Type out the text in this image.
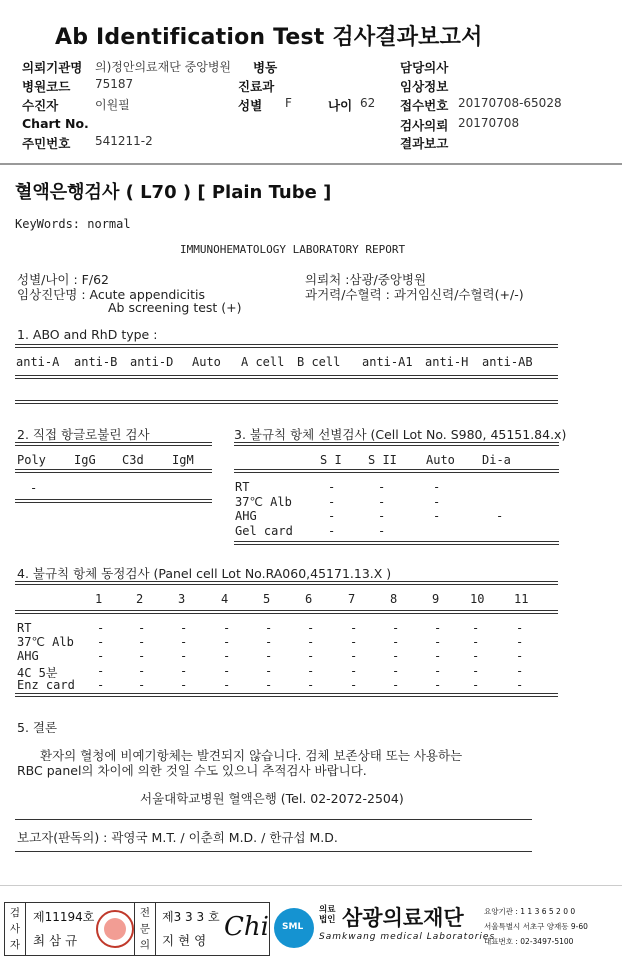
Ab Identification Test 검사결과보고서
의뢰기관명 의)정안의료재단 중앙병원 병동	담당의사
병원코드 75187	진료과	임상정보
수진자	이원필	성별 F	나이 62 접수번호 20170708-65028
Chart No.	검사의뢰 20170708
주민번호 541211-2	결과보고
혈액은행검사 ( L70 ) [ Plain Tube ]
KeyWords: normal
IMMUNOHEMATOLOGY LABORATORY REPORT
성별/나이 : F/62
임상진단명 : Acute appendicitis
Ab screening test (+)
의뢰처 :삼광/중앙병원
과거력/수혈력 : 과거임신력/수혈력(+/-)
1. ABO and RhD type :
2. 직접 항글로불린 검사
-
3. 불규칙 항체 선별검사 (Cell Lot No. S980, 45151.84.x)
4. 불규칙 항체 동정검사 (Panel cell Lot No.RA060,45171.13.X )
5. 결론
환자의 혈청에 비예기항체는 발견되지 않습니다. 검체 보존상태 또는 사용하는
RBC panel의 차이에 의한 것일 수도 있으니 추적검사 바랍니다.
서울대학교병원 혈액은행 (Tel. 02-2072-2504)
보고자(판독의) : 곽영국 M.T. / 이춘희 M.D. / 한규섭 M.D.
검
사
자
제11194호
최 삼 규
전
문
의
제3 3 3 호
지 현 영 Chi SML
의료
법인 삼광의료재단
Samkwang medical Laboratories
요양기관 : 1 1 3 6 5 2 0 0
서울특별시 서초구 양재동 9-60
대표번호 : 02-3497-5100
anti-A anti-B anti-D Auto A cell B cell anti-A1 anti-H anti-AB
Poly IgG C3d IgM	S I S II Auto Di-a
RT	-	-	-
37℃ Alb	-	-	-
AHG	-	-	-	-
Gel card	-	-
1	2	3	4	5	6	7	8	9	10 11
RT	-	-	-	-	-	-	-	-	-	-	-
37℃ Alb -	-	-	-	-	-	-	-	-	-	-
AHG	-	-	-	-	-	-	-	-	-	-	-
4C 5분	-	-	-	-	-	-	-	-	-	-	-
Enz card -	-	-	-	-	-	-	-	-	-	-
